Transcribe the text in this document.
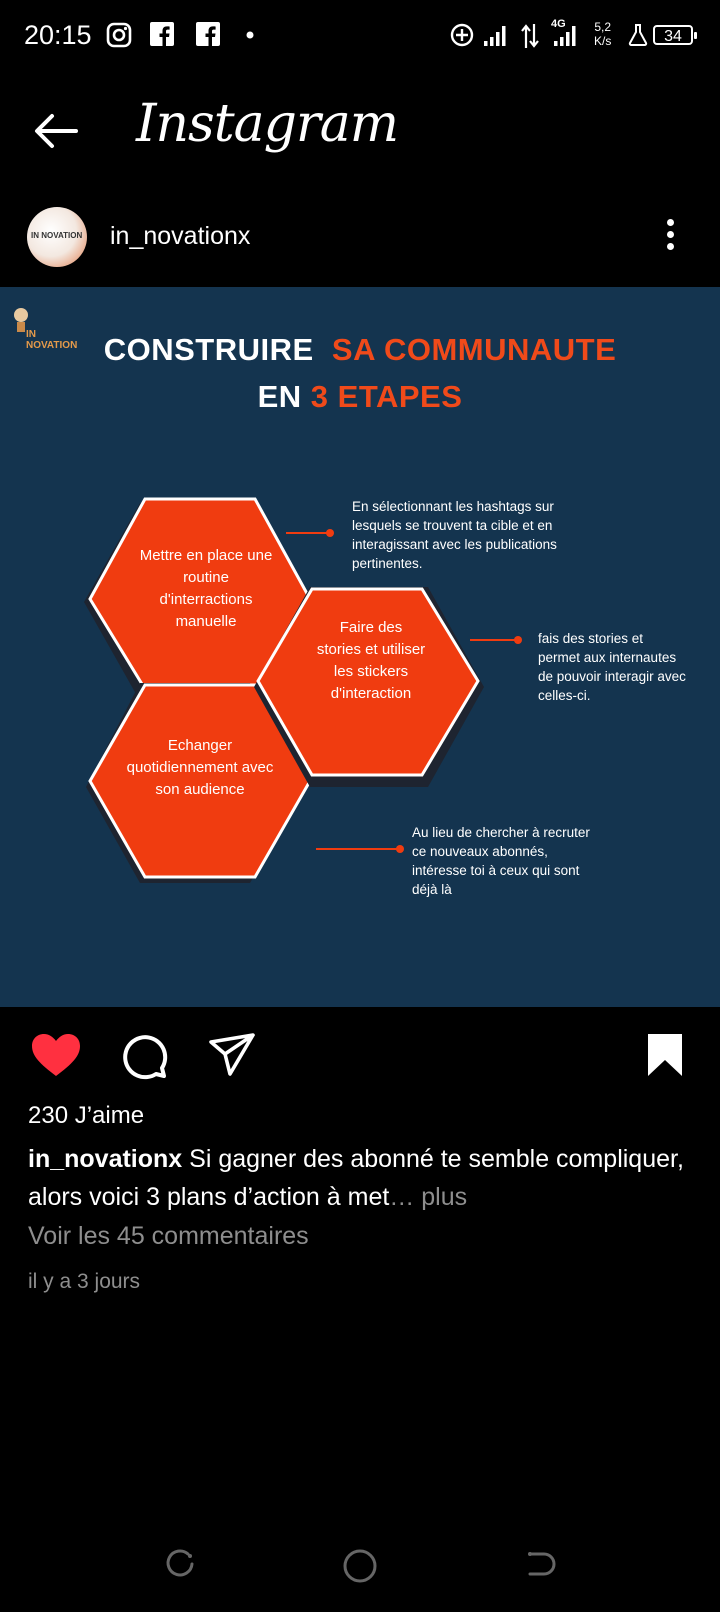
20:15	4G 5,2
K/s	34
Instagram
IN NOVATION in_novationx
IN NOVATION CONSTRUIRE SA COMMUNAUTE
EN 3 ETAPES
Mettre en place une routine d'interractions manuelle	Faire des stories et utiliser les stickers d'interaction
Echanger quotidiennement avec son audience
En sélectionnant les hashtags sur lesquels se trouvent ta cible et en interagissant avec les publications pertinentes.
fais des stories et permet aux internautes de pouvoir interagir avec celles-ci.
Au lieu de chercher à recruter ce nouveaux abonnés, intéresse toi à ceux qui sont déjà là
230 J’aime
in_novationx Si gagner des abonné te semble compliquer, alors voici 3 plans d’action à met… plus
Voir les 45 commentaires
il y a 3 jours
